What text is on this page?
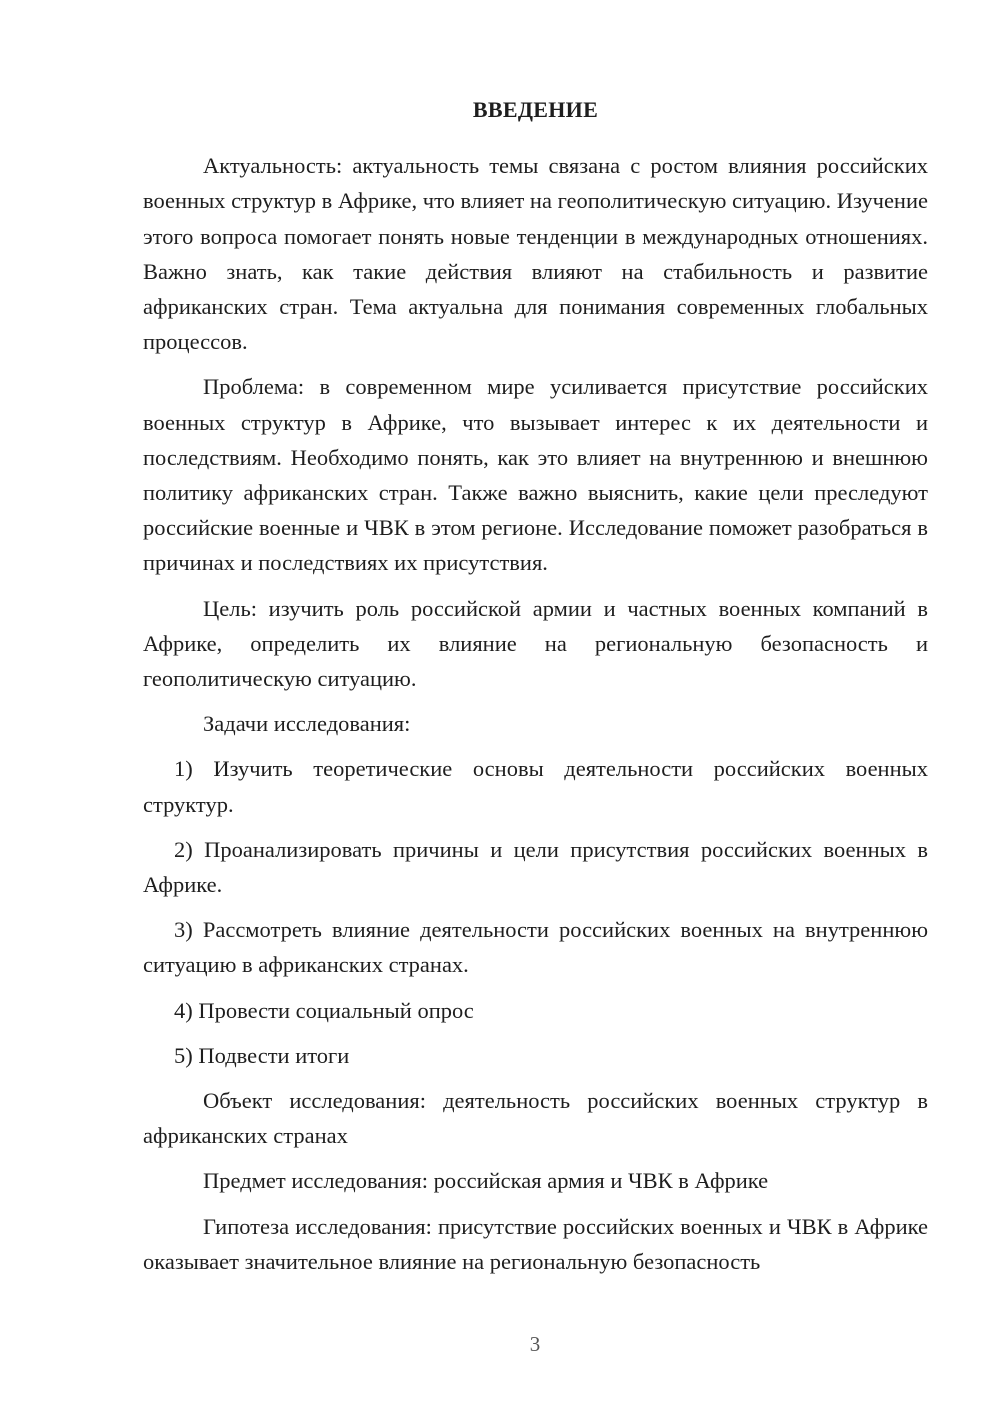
ВВЕДЕНИЕ

Актуальность: актуальность темы связана с ростом влияния российских военных структур в Африке, что влияет на геополитическую ситуацию. Изучение этого вопроса помогает понять новые тенденции в международных отношениях. Важно знать, как такие действия влияют на стабильность и развитие африканских стран. Тема актуальна для понимания современных глобальных процессов.

Проблема: в современном мире усиливается присутствие российских военных структур в Африке, что вызывает интерес к их деятельности и последствиям. Необходимо понять, как это влияет на внутреннюю и внешнюю политику африканских стран. Также важно выяснить, какие цели преследуют российские военные и ЧВК в этом регионе. Исследование поможет разобраться в причинах и последствиях их присутствия.

Цель: изучить роль российской армии и частных военных компаний в Африке, определить их влияние на региональную безопасность и геополитическую ситуацию.

Задачи исследования:

1) Изучить теоретические основы деятельности российских военных структур.

2) Проанализировать причины и цели присутствия российских военных в Африке.

3) Рассмотреть влияние деятельности российских военных на внутреннюю ситуацию в африканских странах.

4) Провести социальный опрос

5) Подвести итоги

Объект исследования: деятельность российских военных структур в африканских странах

Предмет исследования: российская армия и ЧВК в Африке

Гипотеза исследования: присутствие российских военных и ЧВК в Африке оказывает значительное влияние на региональную безопасность

3
